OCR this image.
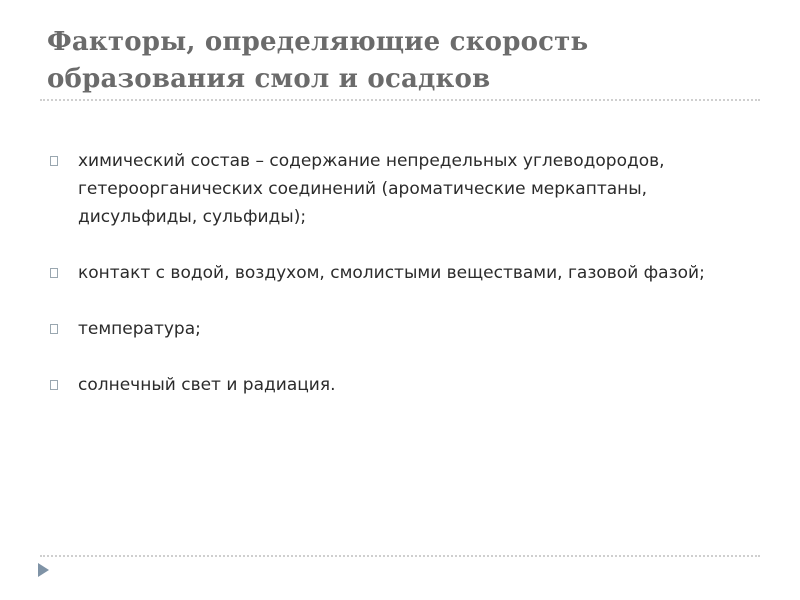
Факторы, определяющие скорость
образования смол и осадков
химический состав – содержание непредельных углеводородов, гетероорганических соединений (ароматические меркаптаны, дисульфиды, сульфиды);
контакт с водой, воздухом, смолистыми веществами, газовой фазой;
температура;
солнечный свет и радиация.
